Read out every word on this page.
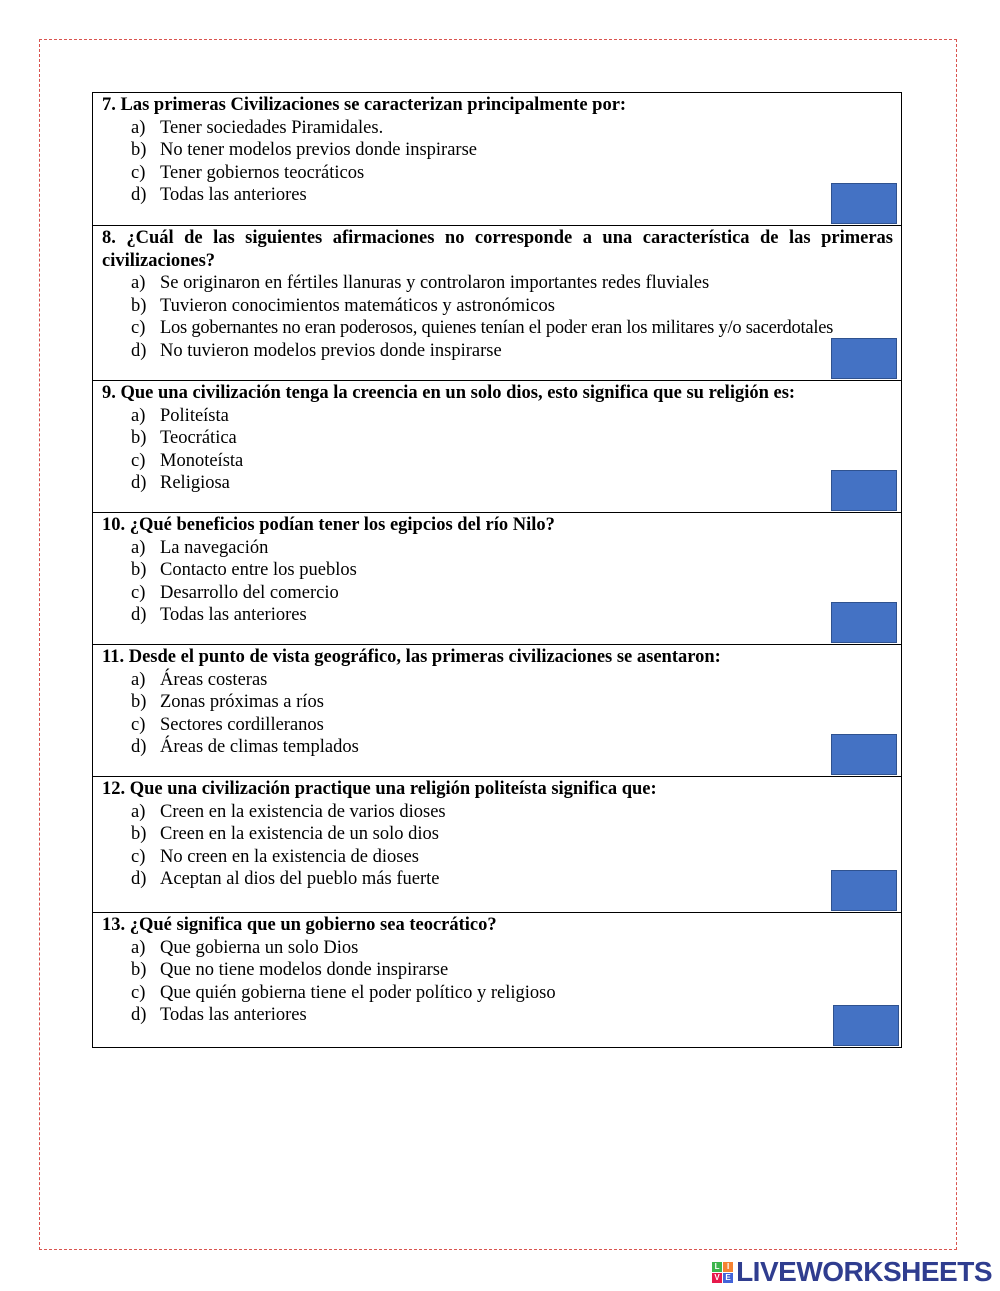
7. Las primeras Civilizaciones se caracterizan principalmente por:

a) Tener sociedades Piramidales.
b) No tener modelos previos donde inspirarse
c) Tener gobiernos teocráticos
d) Todas las anteriores

8. ¿Cuál de las siguientes afirmaciones no corresponde a una característica de las primeras civilizaciones?

a) Se originaron en fértiles llanuras y controlaron importantes redes fluviales
b) Tuvieron conocimientos matemáticos y astronómicos
c) Los gobernantes no eran poderosos, quienes tenían el poder eran los militares y/o sacerdotales
d) No tuvieron modelos previos donde inspirarse

9. Que una civilización tenga la creencia en un solo dios, esto significa que su religión es:

a) Politeísta
b) Teocrática
c) Monoteísta
d) Religiosa

10. ¿Qué beneficios podían tener los egipcios del río Nilo?

a) La navegación
b) Contacto entre los pueblos
c) Desarrollo del comercio
d) Todas las anteriores

11. Desde el punto de vista geográfico, las primeras civilizaciones se asentaron:

a) Áreas costeras
b) Zonas próximas a ríos
c) Sectores cordilleranos
d) Áreas de climas templados

12. Que una civilización practique una religión politeísta significa que:

a) Creen en la existencia de varios dioses
b) Creen en la existencia de un solo dios
c) No creen en la existencia de dioses
d) Aceptan al dios del pueblo más fuerte

13. ¿Qué significa que un gobierno sea teocrático?

a) Que gobierna un solo Dios
b) Que no tiene modelos donde inspirarse
c) Que quién gobierna tiene el poder político y religioso
d) Todas las anteriores
L I
V E LIVEWORKSHEETS
